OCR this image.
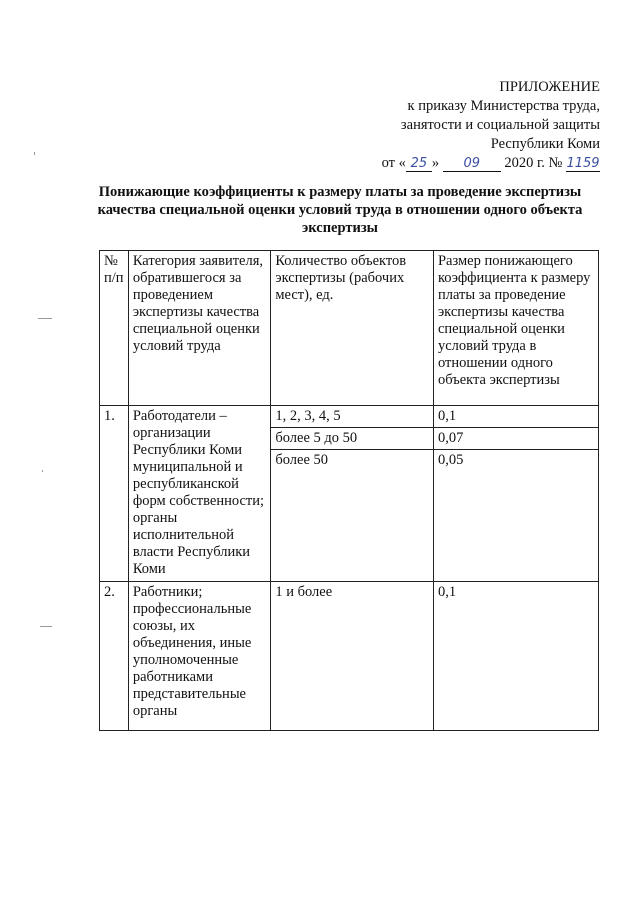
ПРИЛОЖЕНИЕ
к приказу Министерства труда,
занятости и социальной защиты
Республики Коми
от « 25 » 09 2020 г. № 1159
Понижающие коэффициенты к размеру платы за проведение экспертизы качества специальной оценки условий труда в отношении одного объекта экспертизы
№ п/п	Категория заявителя, обратившегося за проведением экспертизы качества специальной оценки условий труда	Количество объектов экспертизы (рабочих мест), ед.	Размер понижающего коэффициента к размеру платы за проведение экспертизы качества специальной оценки условий труда в отношении одного объекта экспертизы
1.	Работодатели – организации Республики Коми муниципальной и республиканской форм собственности; органы исполнительной власти Республики Коми	1, 2, 3, 4, 5	0,1
		более 5 до 50	0,07
		более 50	0,05
2.	Работники; профессиональные союзы, их объединения, иные уполномоченные работниками представительные органы	1 и более	0,1
